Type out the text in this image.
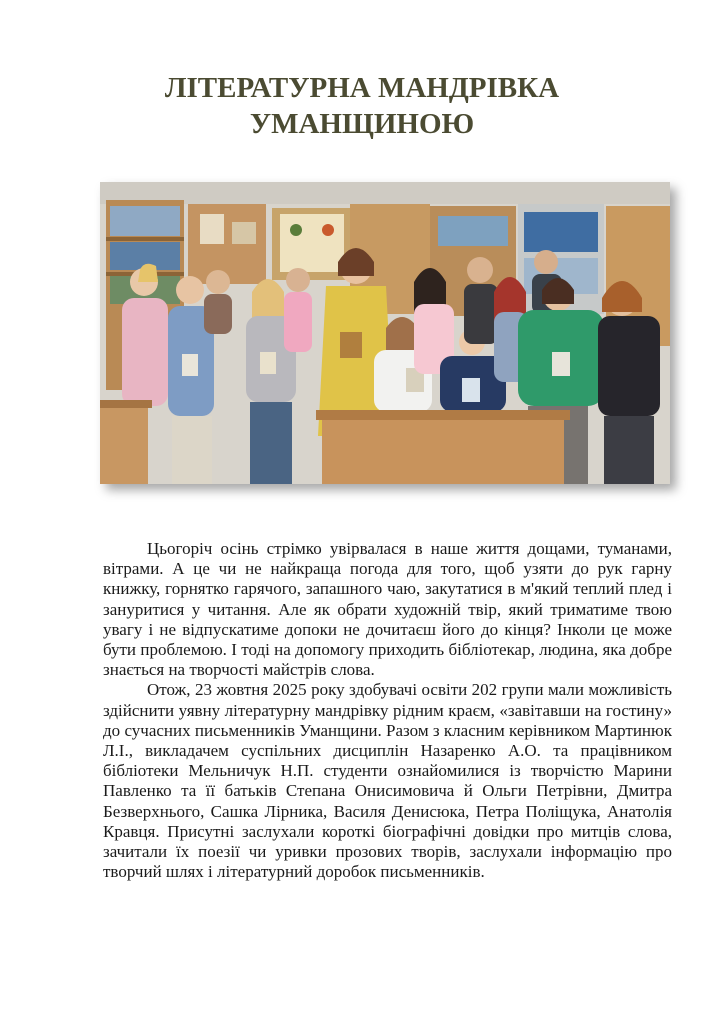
ЛІТЕРАТУРНА МАНДРІВКА
УМАНЩИНОЮ

Цьогоріч осінь стрімко увірвалася в наше життя дощами, туманами, вітрами. А це чи не найкраща погода для того, щоб узяти до рук гарну книжку, горнятко гарячого, запашного чаю, закутатися в м'який теплий плед і зануритися у читання. Але як обрати художній твір, який триматиме твою увагу і не відпускатиме допоки не дочитаєш його до кінця? Інколи це може бути проблемою. І тоді на допомогу приходить бібліотекар, людина, яка добре знається на творчості майстрів слова.

Отож, 23 жовтня 2025 року здобувачі освіти 202 групи мали можливість здійснити уявну літературну мандрівку рідним краєм, «завітавши на гостину» до сучасних письменників Уманщини. Разом з класним керівником Мартинюк Л.І., викладачем суспільних дисциплін Назаренко А.О. та працівником бібліотеки Мельничук Н.П. студенти ознайомилися із творчістю Марини Павленко та її батьків Степана Онисимовича й Ольги Петрівни, Дмитра Безверхнього, Сашка Лірника, Василя Денисюка, Петра Поліщука, Анатолія Кравця. Присутні заслухали короткі біографічні довідки про митців слова, зачитали їх поезії чи уривки прозових творів, заслухали інформацію про творчий шлях і літературний доробок письменників.
